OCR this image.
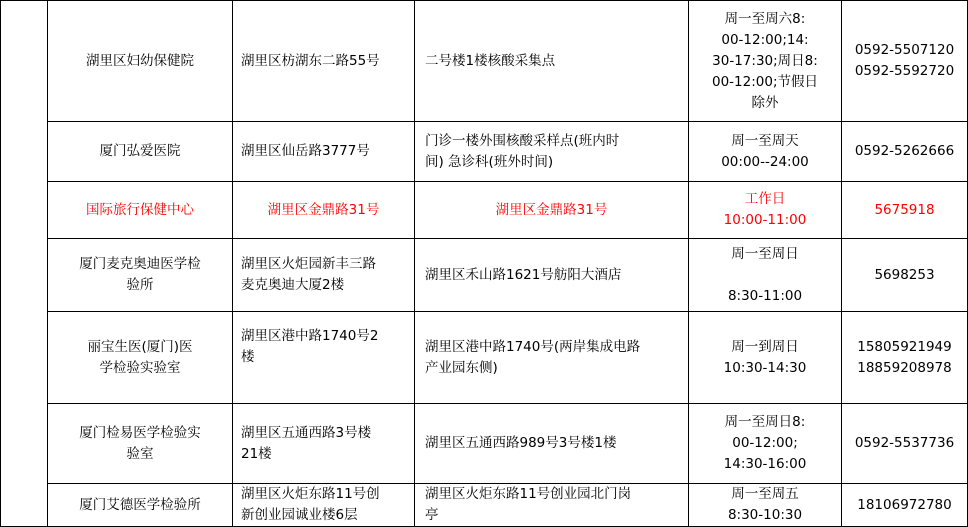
	湖里区妇幼保健院	湖里区枋湖东二路55号	二号楼1楼核酸采集点	周一至周六8:
00-12:00;14:
30-17:30;周日8:
00-12:00;节假日
除外	0592-5507120
0592-5592720
	厦门弘爱医院	湖里区仙岳路3777号	门诊一楼外围核酸采样点(班内时
间) 急诊科(班外时间)	周一至周天
00:00--24:00	0592-5262666
	国际旅行保健中心	湖里区金鼎路31号	湖里区金鼎路31号	工作日
10:00-11:00	5675918
	厦门麦克奥迪医学检
验所	湖里区火炬园新丰三路
麦克奥迪大厦2楼	湖里区禾山路1621号舫阳大酒店	周一至周日

8:30-11:00	5698253
	丽宝生医(厦门)医
学检验实验室	湖里区港中路1740号2
楼	湖里区港中路1740号(两岸集成电路
产业园东侧)	周一到周日
10:30-14:30	15805921949
18859208978
	厦门检易医学检验实
验室	湖里区五通西路3号楼
21楼	湖里区五通西路989号3号楼1楼	周一至周日8:
00-12:00;
14:30-16:00	0592-5537736
	厦门艾德医学检验所	湖里区火炬东路11号创
新创业园诚业楼6层	湖里区火炬东路11号创业园北门岗
亭	周一至周五
8:30-10:30	18106972780
